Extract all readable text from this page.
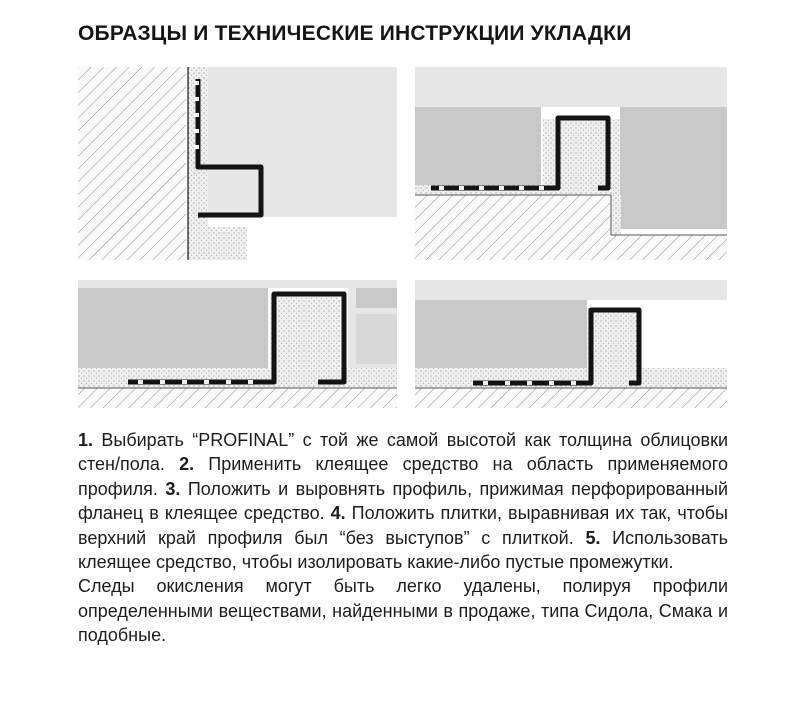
ОБРАЗЦЫ И ТЕХНИЧЕСКИЕ ИНСТРУКЦИИ УКЛАДКИ

1. Выбирать “PROFINAL” с той же самой высотой как толщина облицовки стен/пола. 2. Применить клеящее средство на область применяемого профиля. 3. Положить и выровнять профиль, прижимая перфорированный фланец в клеящее средство. 4. Положить плитки, выравнивая их так, чтобы верхний край профиля был “без выступов” с плиткой. 5. Использовать клеящее средство, чтобы изолировать какие-либо пустые промежутки.

Следы окисления могут быть легко удалены, полируя профили определенными веществами, найденными в продаже, типа Сидола, Смака и подобные.
